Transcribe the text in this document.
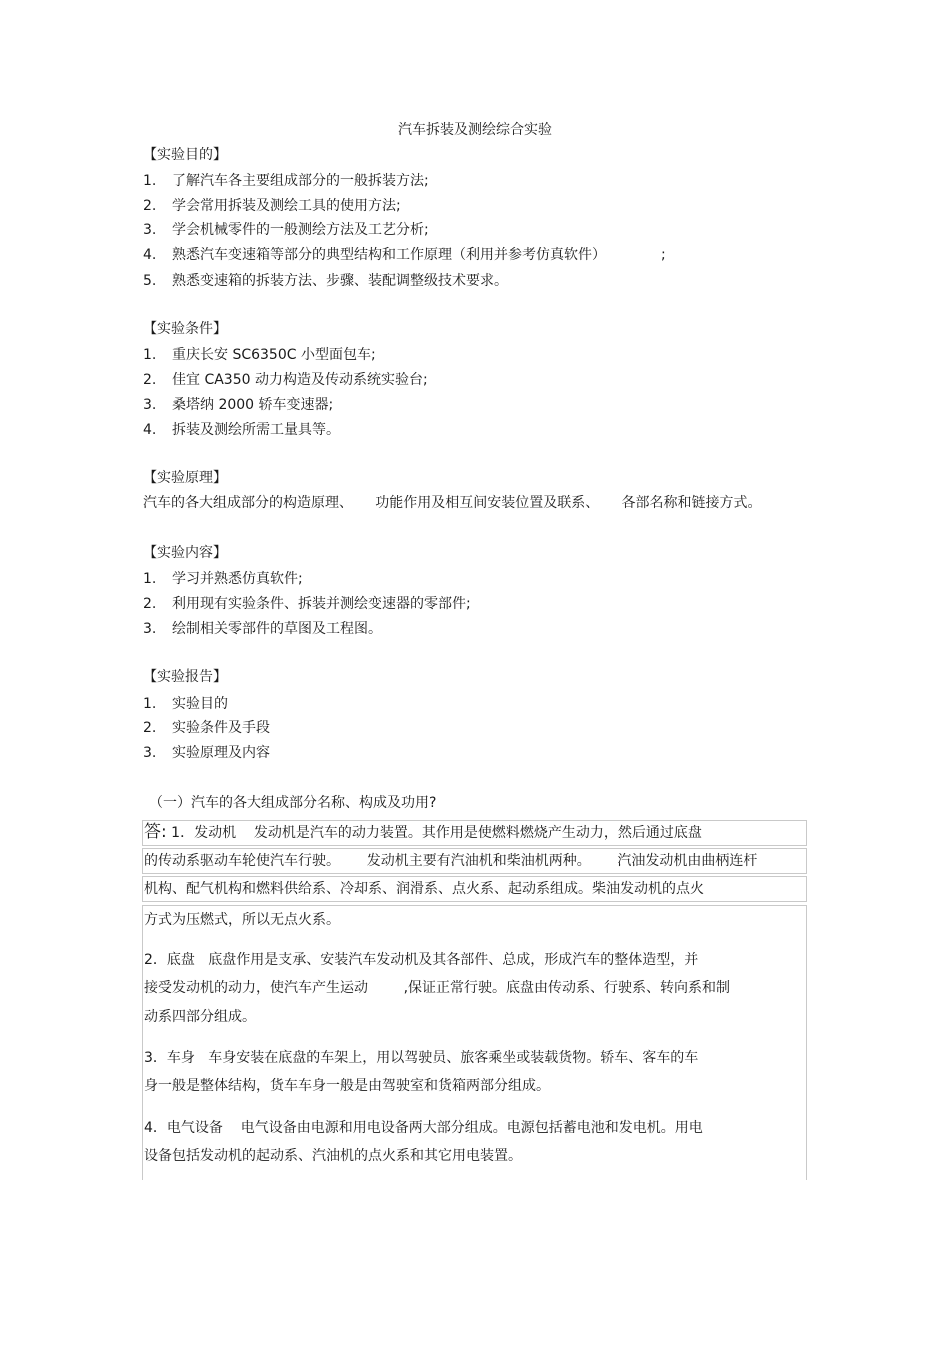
汽车拆装及测绘综合实验
【实验目的】
1. 了解汽车各主要组成部分的一般拆装方法;
2. 学会常用拆装及测绘工具的使用方法;
3. 学会机械零件的一般测绘方法及工艺分析;
4. 熟悉汽车变速箱等部分的典型结构和工作原理（利用并参考仿真软件）	;
5. 熟悉变速箱的拆装方法、步骤、装配调整级技术要求。
【实验条件】
1. 重庆长安 SC6350C 小型面包车;
2. 佳宜 CA350 动力构造及传动系统实验台;
3. 桑塔纳 2000 轿车变速器;
4. 拆装及测绘所需工量具等。
【实验原理】
汽车的各大组成部分的构造原理、     功能作用及相互间安装位置及联系、     各部名称和链接方式。
【实验内容】
1. 学习并熟悉仿真软件;
2. 利用现有实验条件、拆装并测绘变速器的零部件;
3. 绘制相关零部件的草图及工程图。
【实验报告】
1. 实验目的
2. 实验条件及手段
3. 实验原理及内容
（一）汽车的各大组成部分名称、构成及功用?
答: 1．发动机    发动机是汽车的动力装置。其作用是使燃料燃烧产生动力，然后通过底盘
的传动系驱动车轮使汽车行驶。      发动机主要有汽油机和柴油机两种。      汽油发动机由曲柄连杆
机构、配气机构和燃料供给系、冷却系、润滑系、点火系、起动系组成。柴油发动机的点火
方式为压燃式，所以无点火系。
2．底盘   底盘作用是支承、安装汽车发动机及其各部件、总成，形成汽车的整体造型，并
接受发动机的动力，使汽车产生运动        ,保证正常行驶。底盘由传动系、行驶系、转向系和制
动系四部分组成。
3．车身   车身安装在底盘的车架上，用以驾驶员、旅客乘坐或装载货物。轿车、客车的车
身一般是整体结构，货车车身一般是由驾驶室和货箱两部分组成。
4．电气设备    电气设备由电源和用电设备两大部分组成。电源包括蓄电池和发电机。用电
设备包括发动机的起动系、汽油机的点火系和其它用电装置。
